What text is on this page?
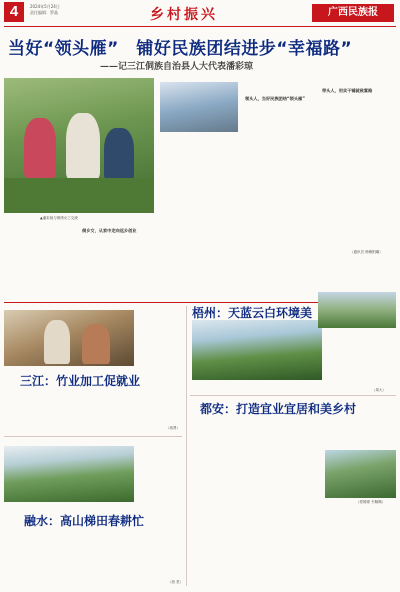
4	2024年5月24日
责任编辑：罗晶	乡村振兴	广西民族报
当好“领头雁”　铺好民族团结进步“幸福路”
——记三江侗族自治县人大代表潘彩琼
▲潘彩琼与侗绣女工交流
侗乡女，从家中走向返乡创业
领头人，当好民族团结“领头雁”
带头人，用实干铺就致富路
（通讯员 韩赖阳曦）
三江：竹业加工促就业
（蒋贤）
融水：高山梯田春耕忙
（茵 堂）
梧州：天蓝云白环境美
（周大）
都安：打造宜业宜居和美乡村
（蒙嫦嫦 韦佩佩）
